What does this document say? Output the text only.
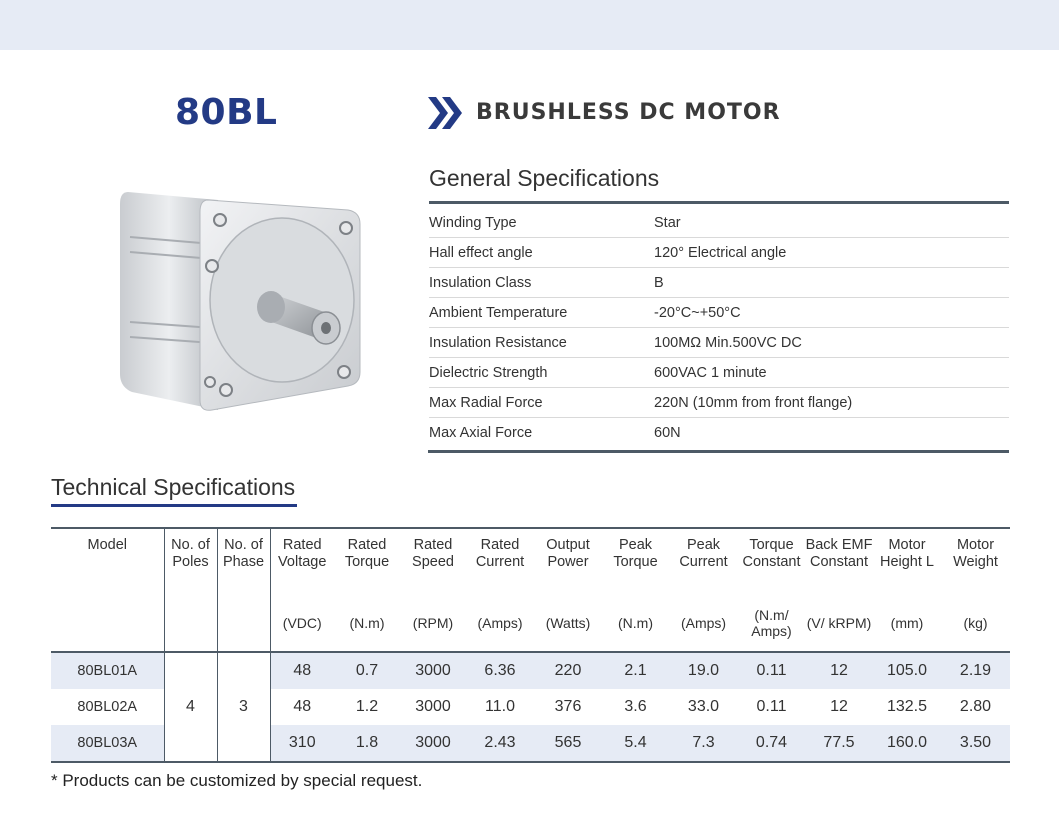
80BL	BRUSHLESS DC MOTOR
General Specifications
Winding Type	Star
Hall effect angle	120° Electrical angle
Insulation Class	B
Ambient Temperature	-20°C~+50°C
Insulation Resistance	100MΩ Min.500VC DC
Dielectric Strength	600VAC 1 minute
Max Radial Force	220N (10mm from front flange)
Max Axial Force	60N
Technical Specifications
Model	No. of Poles	No. of Phase	Rated Voltage	Rated Torque	Rated Speed	Rated Current	Output Power	Peak Torque	Peak Current	Torque Constant	Back EMF Constant	Motor Height L	Motor Weight
			(VDC)	(N.m)	(RPM)	(Amps)	(Watts)	(N.m)	(Amps)	(N.m/ Amps)	(V/ kRPM)	(mm)	(kg)
80BL01A	4	3	48	0.7	3000	6.36	220	2.1	19.0	0.11	12	105.0	2.19
80BL02A			48	1.2	3000	11.0	376	3.6	33.0	0.11	12	132.5	2.80
80BL03A			310	1.8	3000	2.43	565	5.4	7.3	0.74	77.5	160.0	3.50
* Products can be customized by special request.
